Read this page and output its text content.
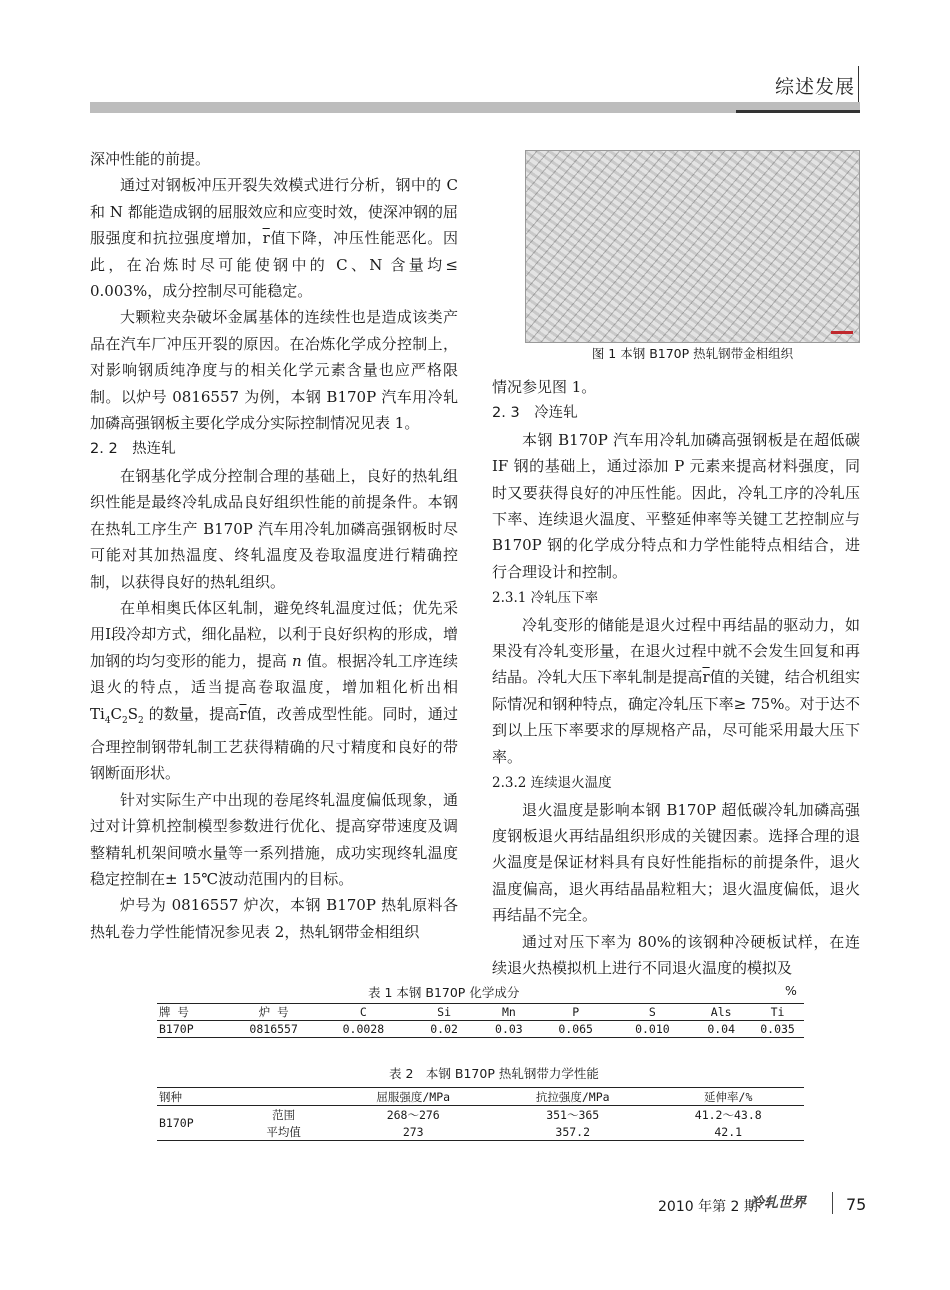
综述发展

深冲性能的前提。

通过对钢板冲压开裂失效模式进行分析，钢中的 C 和 N 都能造成钢的屈服效应和应变时效，使深冲钢的屈服强度和抗拉强度增加，$\overline{r}$值下降，冲压性能恶化。因此，在冶炼时尽可能使钢中的 C、N 含量均≤ 0.003%，成分控制尽可能稳定。

大颗粒夹杂破坏金属基体的连续性也是造成该类产品在汽车厂冲压开裂的原因。在冶炼化学成分控制上，对影响钢质纯净度与的相关化学元素含量也应严格限制。以炉号 0816557 为例，本钢 B170P 汽车用冷轧加磷高强钢板主要化学成分实际控制情况见表 1。

2. 2　热连轧

在钢基化学成分控制合理的基础上，良好的热轧组织性能是最终冷轧成品良好组织性能的前提条件。本钢在热轧工序生产 B170P 汽车用冷轧加磷高强钢板时尽可能对其加热温度、终轧温度及卷取温度进行精确控制，以获得良好的热轧组织。

在单相奥氏体区轧制，避免终轧温度过低；优先采用Ⅰ段冷却方式，细化晶粒，以利于良好织构的形成，增加钢的均匀变形的能力，提高 n 值。根据冷轧工序连续退火的特点，适当提高卷取温度，增加粗化析出相 $Ti_4C_2S_2$ 的数量，提高$\overline{r}$值，改善成型性能。同时，通过合理控制钢带轧制工艺获得精确的尺寸精度和良好的带钢断面形状。

针对实际生产中出现的卷尾终轧温度偏低现象，通过对计算机控制模型参数进行优化、提高穿带速度及调整精轧机架间喷水量等一系列措施，成功实现终轧温度稳定控制在± 15℃波动范围内的目标。

炉号为 0816557 炉次，本钢 B170P 热轧原料各热轧卷力学性能情况参见表 2，热轧钢带金相组织

图 1 本钢 B170P 热轧钢带金相组织

情况参见图 1。

2. 3　冷连轧

本钢 B170P 汽车用冷轧加磷高强钢板是在超低碳 IF 钢的基础上，通过添加 P 元素来提高材料强度，同时又要获得良好的冲压性能。因此，冷轧工序的冷轧压下率、连续退火温度、平整延伸率等关键工艺控制应与 B170P 钢的化学成分特点和力学性能特点相结合，进行合理设计和控制。

2.3.1 冷轧压下率

冷轧变形的储能是退火过程中再结晶的驱动力，如果没有冷轧变形量，在退火过程中就不会发生回复和再结晶。冷轧大压下率轧制是提高$\overline{r}$值的关键，结合机组实际情况和钢种特点，确定冷轧压下率≥ 75%。对于达不到以上压下率要求的厚规格产品，尽可能采用最大压下率。

2.3.2 连续退火温度

退火温度是影响本钢 B170P 超低碳冷轧加磷高强度钢板退火再结晶组织形成的关键因素。选择合理的退火温度是保证材料具有良好性能指标的前提条件，退火温度偏高，退火再结晶晶粒粗大；退火温度偏低，退火再结晶不完全。

通过对压下率为 80%的该钢种冷硬板试样，在连续退火热模拟机上进行不同退火温度的模拟及

表 1 本钢 B170P 化学成分	%
牌 号	炉 号	C	Si	Mn	P	S	Als	Ti
B170P	0816557	0.0028	0.02	0.03	0.065	0.010	0.04	0.035
表 2　本钢 B170P 热轧钢带力学性能
钢种		屈服强度/MPa	抗拉强度/MPa	延伸率/%
B170P	范围	268～276	351～365	41.2～43.8
	平均值	273	357.2	42.1
2010 年第 2 期
冷轧世界	75
